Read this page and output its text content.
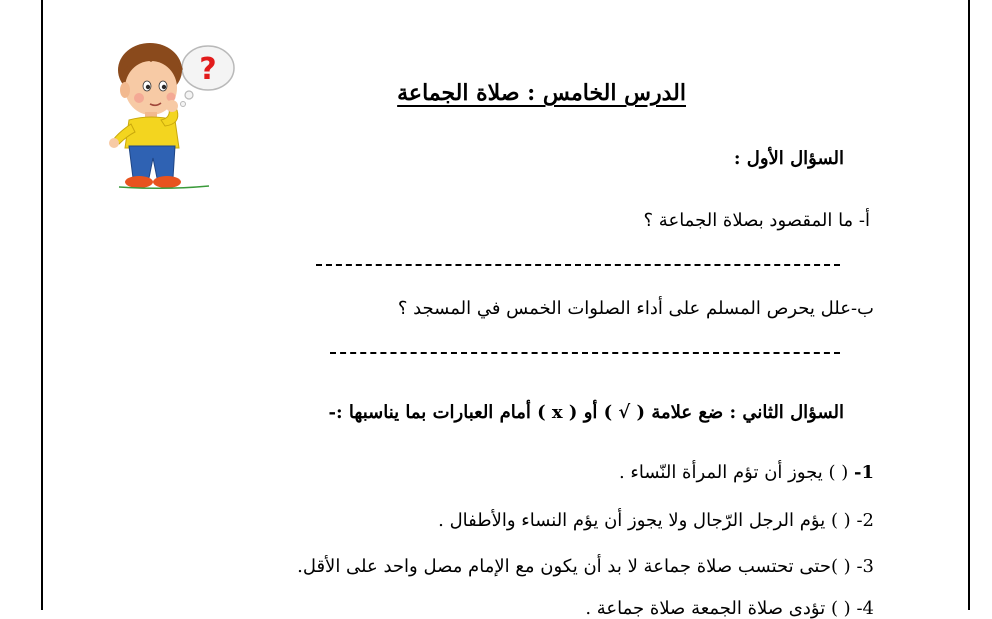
?
الدرس الخامس : صلاة الجماعة
السؤال الأول :
أ- ما المقصود بصلاة الجماعة ؟
ب-علل يحرص المسلم على أداء الصلوات الخمس في المسجد ؟
السؤال الثاني : ضع علامة ( √ ) أو ( x ) أمام العبارات بما يناسبها :-
1- ( ) يجوز أن تؤم المرأة النّساء .
2- ( ) يؤم الرجل الرّجال ولا يجوز أن يؤم النساء والأطفال .
3- ( )حتى تحتسب صلاة جماعة لا بد أن يكون مع الإمام مصل واحد على الأقل.
4- ( ) تؤدى صلاة الجمعة صلاة جماعة .
